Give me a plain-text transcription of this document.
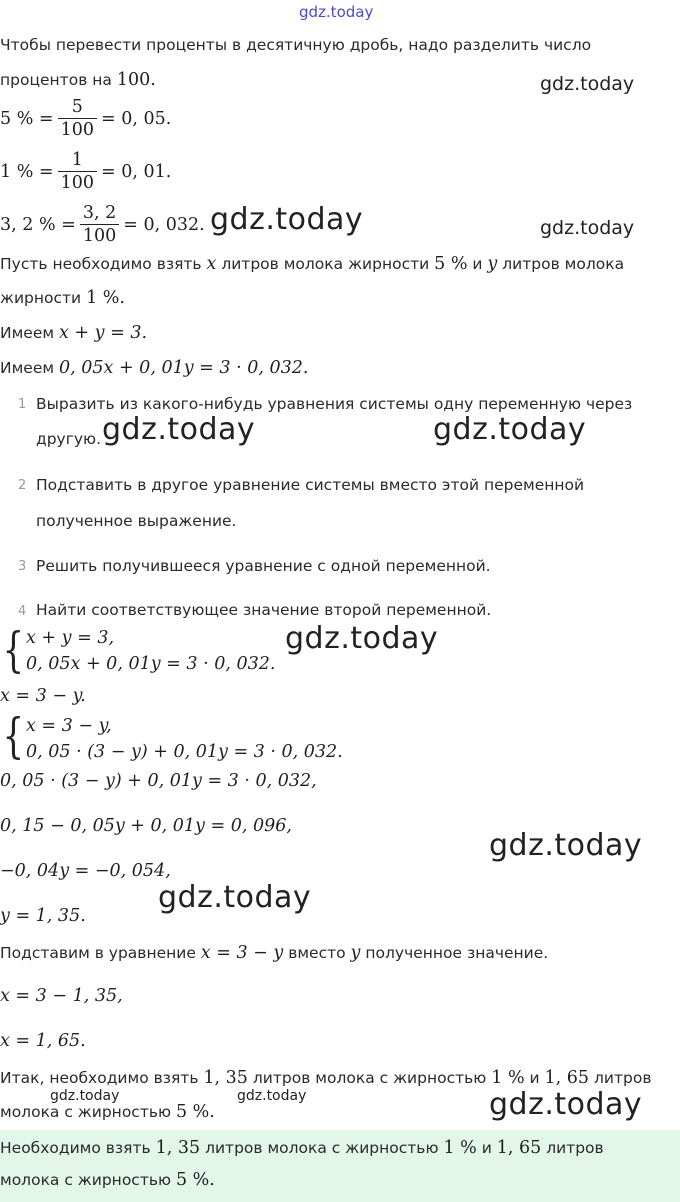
gdz.today
Чтобы перевести проценты в десятичную дробь, надо разделить число
процентов на 100.	gdz.today
5 % = $\frac{5}{100} = 0$, 05.
1 % = $\frac{1}{100} = 0$, 01.
3, 2 % = $\frac{3, 2}{100} = 0$, 032. gdz.today	gdz.today
Пусть необходимо взять x литров молока жирности 5 % и y литров молока
жирности 1 %.
Имеем x + y = 3.
Имеем 0, 05x + 0, 01y = 3 · 0, 032.
1 Выразить из какого-нибудь уравнения системы одну переменную через
другую. gdz.today	gdz.today
2 Подставить в другое уравнение системы вместо этой переменной
полученное выражение.
3 Решить получившееся уравнение с одной переменной.
4 Найти соответствующее значение второй переменной.
{ x + y = 3,
0, 05x + 0, 01y = 3 · 0, 032.
gdz.today
x = 3 − y.
{ x = 3 − y,
0, 05 · (3 − y) + 0, 01y = 3 · 0, 032.
0, 05 · (3 − y) + 0, 01y = 3 · 0, 032,
0, 15 − 0, 05y + 0, 01y = 0, 096,
−0, 04y = −0, 054,
y = 1, 35.
gdz.today
gdz.today
Подставим в уравнение x = 3 − y вместо y полученное значение.
x = 3 − 1, 35,
x = 1, 65.
Итак, необходимо взять 1, 35 литров молока с жирностью 1 % и 1, 65 литров
молока с жирностью 5 %.
gdz.today	gdz.today	gdz.today
Необходимо взять 1, 35 литров молока с жирностью 1 % и 1, 65 литров
молока с жирностью 5 %.
